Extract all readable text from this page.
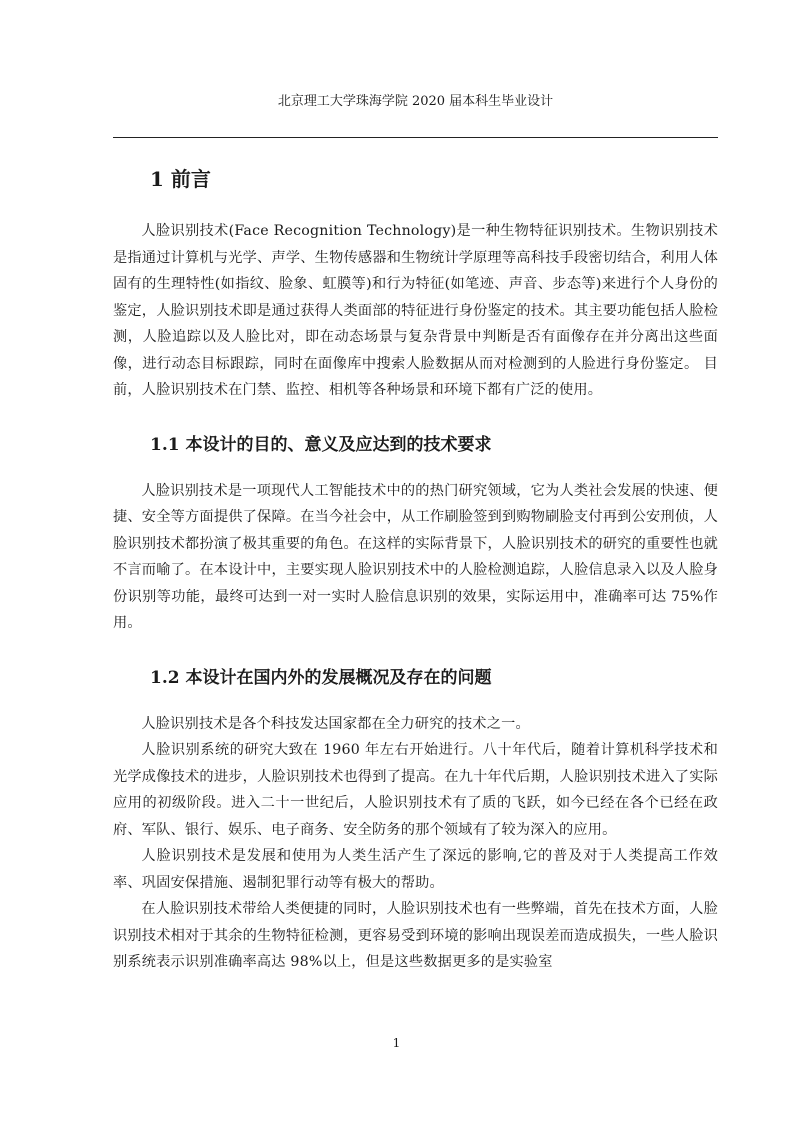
北京理工大学珠海学院 2020 届本科生毕业设计
1 前言

人脸识别技术(Face Recognition Technology)是一种生物特征识别技术。生物识别技术是指通过计算机与光学、声学、生物传感器和生物统计学原理等高科技手段密切结合，利用人体固有的生理特性(如指纹、脸象、虹膜等)和行为特征(如笔迹、声音、步态等)来进行个人身份的鉴定，人脸识别技术即是通过获得人类面部的特征进行身份鉴定的技术。其主要功能包括人脸检测，人脸追踪以及人脸比对，即在动态场景与复杂背景中判断是否有面像存在并分离出这些面像，进行动态目标跟踪，同时在面像库中搜索人脸数据从而对检测到的人脸进行身份鉴定。 目前，人脸识别技术在门禁、监控、相机等各种场景和环境下都有广泛的使用。

1.1 本设计的目的、意义及应达到的技术要求

人脸识别技术是一项现代人工智能技术中的的热门研究领域，它为人类社会发展的快速、便捷、安全等方面提供了保障。在当今社会中，从工作刷脸签到到购物刷脸支付再到公安刑侦，人脸识别技术都扮演了极其重要的角色。在这样的实际背景下，人脸识别技术的研究的重要性也就不言而喻了。在本设计中，主要实现人脸识别技术中的人脸检测追踪，人脸信息录入以及人脸身份识别等功能，最终可达到一对一实时人脸信息识别的效果，实际运用中，准确率可达 75%作用。

1.2 本设计在国内外的发展概况及存在的问题

人脸识别技术是各个科技发达国家都在全力研究的技术之一。

人脸识别系统的研究大致在 1960 年左右开始进行。八十年代后，随着计算机科学技术和光学成像技术的进步，人脸识别技术也得到了提高。在九十年代后期，人脸识别技术进入了实际应用的初级阶段。进入二十一世纪后，人脸识别技术有了质的飞跃，如今已经在各个已经在政府、军队、银行、娱乐、电子商务、安全防务的那个领域有了较为深入的应用。

人脸识别技术是发展和使用为人类生活产生了深远的影响,它的普及对于人类提高工作效率、巩固安保措施、遏制犯罪行动等有极大的帮助。

在人脸识别技术带给人类便捷的同时，人脸识别技术也有一些弊端，首先在技术方面，人脸识别技术相对于其余的生物特征检测，更容易受到环境的影响出现误差而造成损失，一些人脸识别系统表示识别准确率高达 98%以上，但是这些数据更多的是实验室

1
